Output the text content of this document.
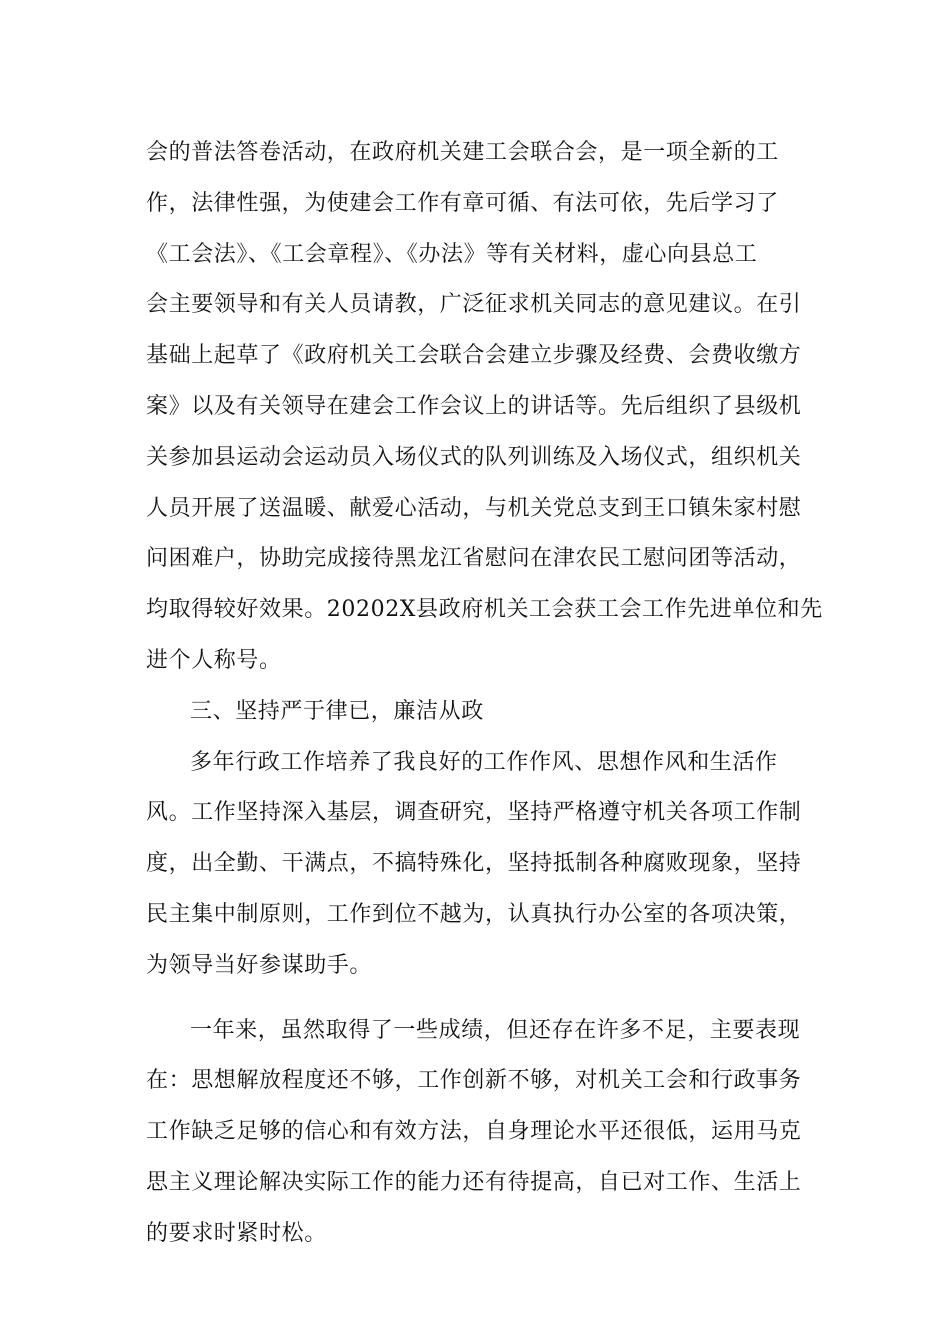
会的普法答卷活动，在政府机关建工会联合会，是一项全新的工
作，法律性强，为使建会工作有章可循、有法可依，先后学习了
《工会法》、《工会章程》、《办法》等有关材料，虚心向县总工
会主要领导和有关人员请教，广泛征求机关同志的意见建议。在引
基础上起草了《政府机关工会联合会建立步骤及经费、会费收缴方
案》以及有关领导在建会工作会议上的讲话等。先后组织了县级机
关参加县运动会运动员入场仪式的队列训练及入场仪式，组织机关
人员开展了送温暖、献爱心活动，与机关党总支到王口镇朱家村慰
问困难户，协助完成接待黑龙江省慰问在津农民工慰问团等活动，
均取得较好效果。20202X县政府机关工会获工会工作先进单位和先
进个人称号。
三、坚持严于律已，廉洁从政
多年行政工作培养了我良好的工作作风、思想作风和生活作
风。工作坚持深入基层，调查研究，坚持严格遵守机关各项工作制
度，出全勤、干满点，不搞特殊化，坚持抵制各种腐败现象，坚持
民主集中制原则，工作到位不越为，认真执行办公室的各项决策，
为领导当好参谋助手。
一年来，虽然取得了一些成绩，但还存在许多不足，主要表现
在：思想解放程度还不够，工作创新不够，对机关工会和行政事务
工作缺乏足够的信心和有效方法，自身理论水平还很低，运用马克
思主义理论解决实际工作的能力还有待提高，自已对工作、生活上
的要求时紧时松。
